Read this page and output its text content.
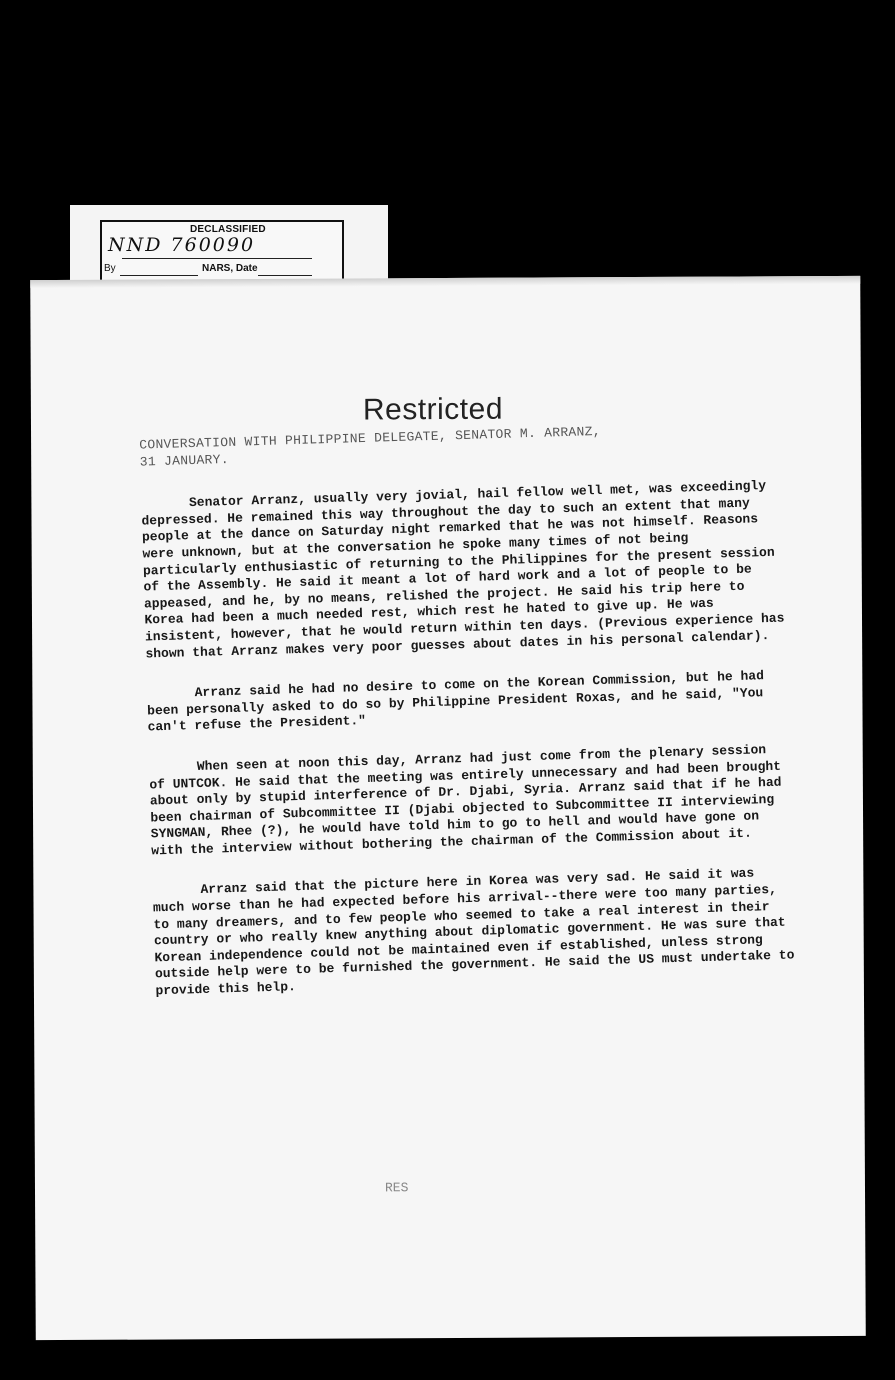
DECLASSIFIED
NND 760090
By	NARS, Date
Restricted
CONVERSATION WITH PHILIPPINE DELEGATE, SENATOR M. ARRANZ,
31 JANUARY.

Senator Arranz, usually very jovial, hail fellow well met, was exceedingly depressed. He remained this way throughout the day to such an extent that many people at the dance on Saturday night remarked that he was not himself. Reasons were unknown, but at the conversation he spoke many times of not being particularly enthusiastic of returning to the Philippines for the present session of the Assembly. He said it meant a lot of hard work and a lot of people to be appeased, and he, by no means, relished the project. He said his trip here to Korea had been a much needed rest, which rest he hated to give up. He was insistent, however, that he would return within ten days. (Previous experience has shown that Arranz makes very poor guesses about dates in his personal calendar).

Arranz said he had no desire to come on the Korean Commission, but he had been personally asked to do so by Philippine President Roxas, and he said, "You can't refuse the President."

When seen at noon this day, Arranz had just come from the plenary session of UNTCOK. He said that the meeting was entirely unnecessary and had been brought about only by stupid interference of Dr. Djabi, Syria. Arranz said that if he had been chairman of Subcommittee II (Djabi objected to Subcommittee II interviewing SYNGMAN, Rhee (?), he would have told him to go to hell and would have gone on with the interview without bothering the chairman of the Commission about it.

Arranz said that the picture here in Korea was very sad. He said it was much worse than he had expected before his arrival--there were too many parties, to many dreamers, and to few people who seemed to take a real interest in their country or who really knew anything about diplomatic government. He was sure that Korean independence could not be maintained even if established, unless strong outside help were to be furnished the government. He said the US must undertake to provide this help.

RES
